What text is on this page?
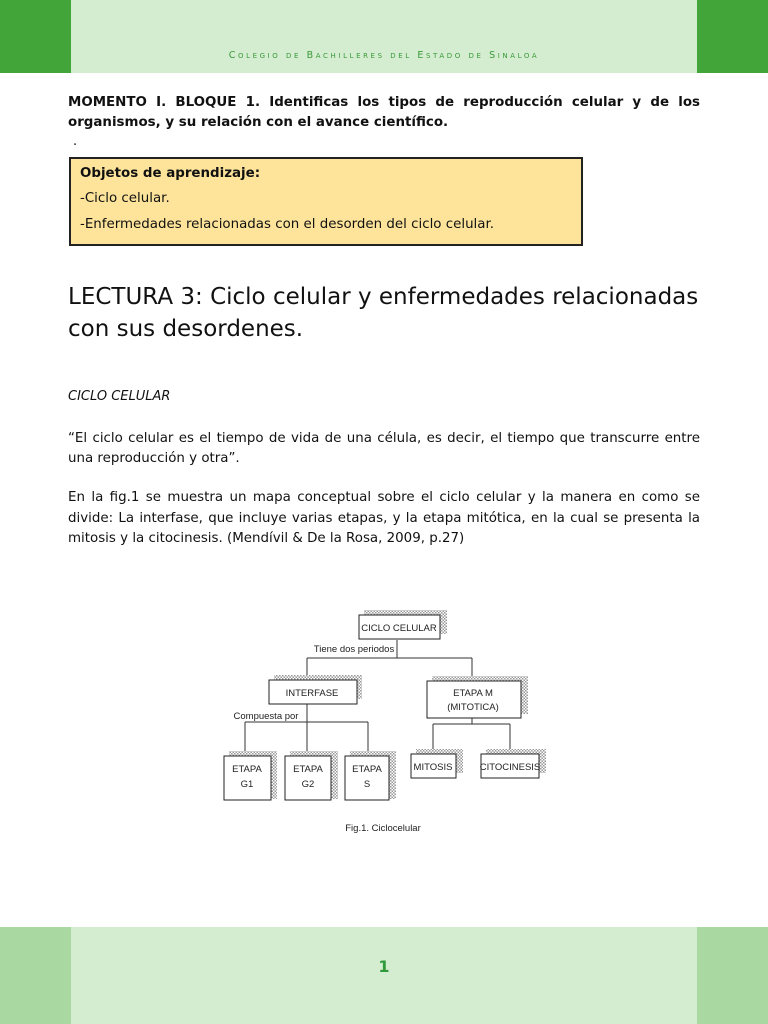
Colegio de Bachilleres del Estado de Sinaloa
MOMENTO I. BLOQUE 1. Identificas los tipos de reproducción celular y de los organismos, y su relación con el avance científico.
.
Objetos de aprendizaje:
-Ciclo celular.
-Enfermedades relacionadas con el desorden del ciclo celular.
LECTURA 3: Ciclo celular y enfermedades relacionadas con sus desordenes.
CICLO CELULAR
“El ciclo celular es el tiempo de vida de una célula, es decir, el tiempo que transcurre entre una reproducción y otra”.
En la fig.1 se muestra un mapa conceptual sobre el ciclo celular y la manera en como se divide: La interfase, que incluye varias etapas, y la etapa mitótica, en la cual se presenta la mitosis y la citocinesis. (Mendívil & De la Rosa, 2009, p.27)
CICLO CELULAR
Tiene dos periodos
INTERFASE	ETAPA M
(MITOTICA)
Compuesta por
ETAPA
G1
ETAPA
G2
ETAPA
S
MITOSIS	CITOCINESIS
Fig.1. Ciclocelular
1
